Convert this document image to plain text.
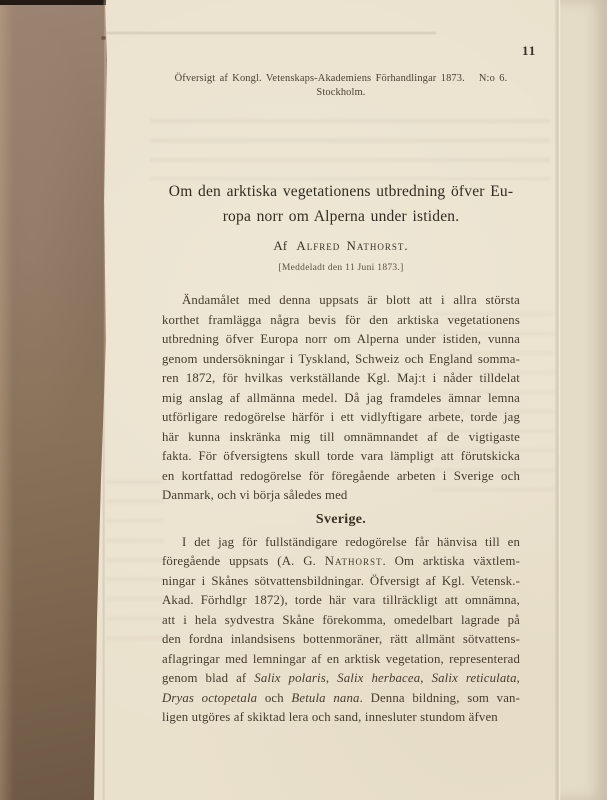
11
Öfversigt af Kongl. Vetenskaps-Akademiens Förhandlingar 1873. N:o 6.
Stockholm.
Om den arktiska vegetationens utbredning öfver Eu-
ropa norr om Alperna under istiden.
Af Alfred Nathorst.
[Meddeladt den 11 Juni 1873.]
Ändamålet med denna uppsats är blott att i allra största
korthet framlägga några bevis för den arktiska vegetationens
utbredning öfver Europa norr om Alperna under istiden, vunna
genom undersökningar i Tyskland, Schweiz och England somma-
ren 1872, för hvilkas verkställande Kgl. Maj:t i nåder tilldelat
mig anslag af allmänna medel. Då jag framdeles ämnar lemna
utförligare redogörelse härför i ett vidlyftigare arbete, torde jag
här kunna inskränka mig till omnämnandet af de vigtigaste
fakta. För öfversigtens skull torde vara lämpligt att förutskicka
en kortfattad redogörelse för föregående arbeten i Sverige och
Danmark, och vi börja således med
Sverige.
I det jag för fullständigare redogörelse får hänvisa till en
föregående uppsats (A. G. Nathorst. Om arktiska växtlem-
ningar i Skånes sötvattensbildningar. Öfversigt af Kgl. Vetensk.-
Akad. Förhdlgr 1872), torde här vara tillräckligt att omnämna,
att i hela sydvestra Skåne förekomma, omedelbart lagrade på
den fordna inlandsisens bottenmoräner, rätt allmänt sötvattens-
aflagringar med lemningar af en arktisk vegetation, representerad
genom blad af Salix polaris, Salix herbacea, Salix reticulata,
Dryas octopetala och Betula nana. Denna bildning, som van-
ligen utgöres af skiktad lera och sand, innesluter stundom äfven
